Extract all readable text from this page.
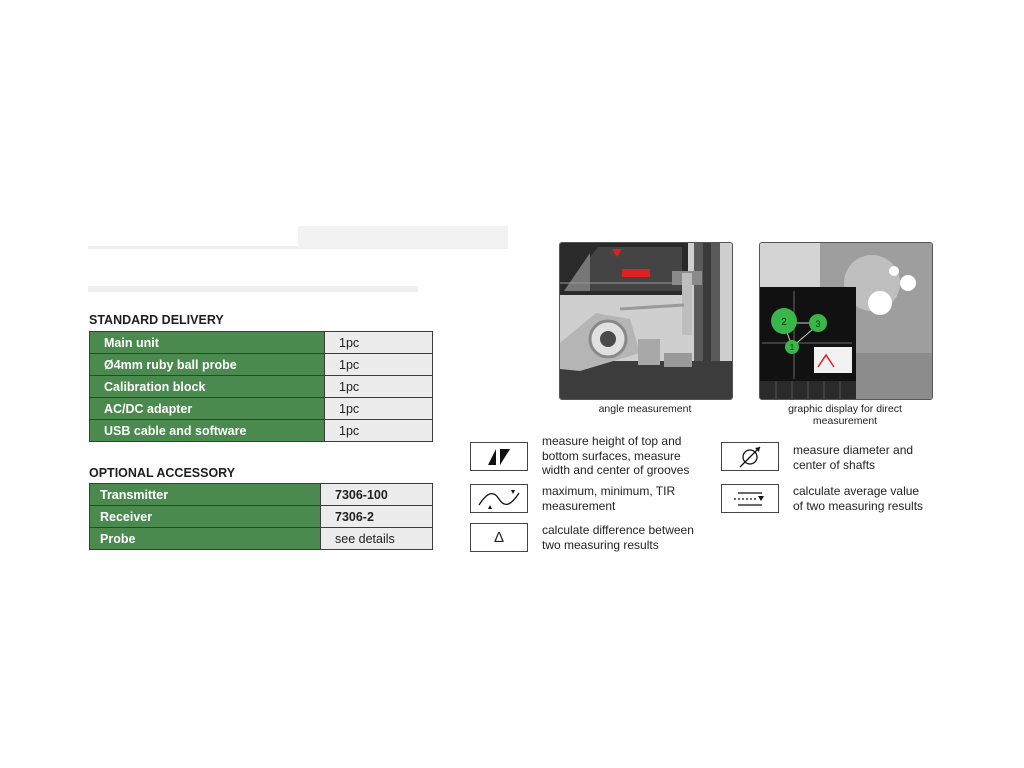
STANDARD DELIVERY
Main unit	1pc
Ø4mm ruby ball probe	1pc
Calibration block	1pc
AC/DC adapter	1pc
USB cable and software	1pc
OPTIONAL ACCESSORY
Transmitter	7306-100
Receiver	7306-2
Probe	see details
angle measurement
2	3
1
graphic display for direct
measurement
measure height of top and
bottom surfaces, measure
width and center of grooves
maximum, minimum, TIR
measurement
Δ	calculate difference between
two measuring results
measure diameter and
center of shafts
calculate average value
of two measuring results
